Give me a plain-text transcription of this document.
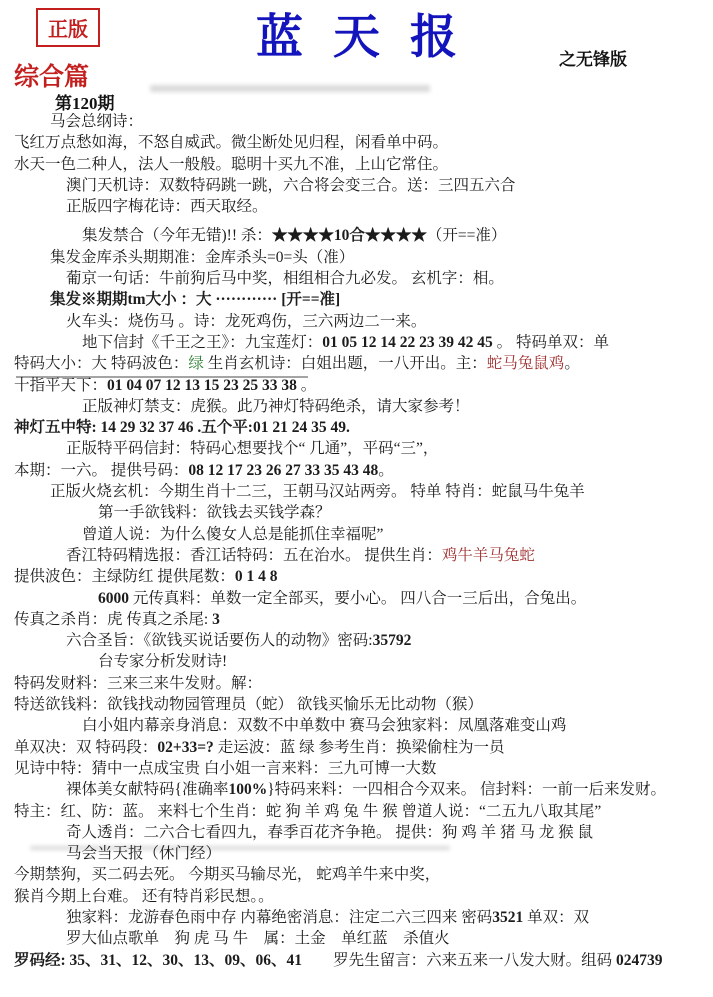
正版	蓝天报	之无锋版
综合篇
第120期
马会总纲诗：
飞红万点愁如海，不怒自威武。微尘断处见归程，闲看单中码。
水天一色二种人，法人一般般。聪明十买九不准，上山它常住。
澳门天机诗：双数特码跳一跳，六合将会变三合。送：三四五六合
正版四字梅花诗：西天取经。
集发禁合（今年无错)!! 杀：★★★★10合★★★★（开==准）
集发金库杀头期期准：金库杀头=0=头（准）
葡京一句话：牛前狗后马中奖，相组相合九必发。 玄机字：相。
集发※期期tm大小 ：大 ············ [开==准]
火车头：烧伤马 。诗：龙死鸡伤，三六两边二一来。
地下信封《千王之王》：九宝莲灯：01 05 12 14 22 23 39 42 45 。 特码单双：单
特码大小：大 特码波色：绿 生肖玄机诗：白姐出题，一八开出。主：蛇马兔鼠鸡。
十指平天下：01 04 07 12 13 15 23 25 33 38 。
正版神灯禁支：虎猴。此乃神灯特码绝杀，请大家参考！
神灯五中特: 14 29 32 37 46 .五个平:01 21 24 35 49.
正版特平码信封：特码心想要找个“ 几通”，平码“三”，
本期：一六。 提供号码：08 12 17 23 26 27 33 35 43 48。
正版火烧玄机：今期生肖十二三，王朝马汉站两旁。 特单 特肖：蛇鼠马牛兔羊
第一手欲钱料：欲钱去买钱学森？
曾道人说：为什么傻女人总是能抓住幸福呢”
香江特码精选报：香江话特码：五在治水。 提供生肖：鸡牛羊马兔蛇
提供波色：主绿防红 提供尾数：0 1 4 8
6000 元传真料：单数一定全部买，要小心。 四八合一三后出，合兔出。
传真之杀肖：虎 传真之杀尾: 3
六合圣旨：《欲钱买说话要伤人的动物》密码:35792
台专家分析发财诗!
特码发财料：三来三来牛发财。解：
特送欲钱料：欲钱找动物园管理员（蛇） 欲钱买愉乐无比动物（猴）
白小姐内幕亲身消息：双数不中单数中 赛马会独家料：凤凰落难变山鸡
单双决：双 特码段：02+33=? 走运波：蓝 绿 参考生肖：换梁偷柱为一员
见诗中特：猜中一点成宝贵 白小姐一言来料：三九可博一大数
裸体美女献特码{准确率100%}特码来料：一四相合今双来。 信封料：一前一后来发财。
特主：红、防：蓝。 来料七个生肖：蛇 狗 羊 鸡 兔 牛 猴 曾道人说：“二五九八取其尾”
奇人透肖：二六合七看四九，春季百花齐争艳。 提供：狗 鸡 羊 猪 马 龙 猴 鼠
马会当天报（休门经）
今期禁狗，买二码去死。 今期买马输尽光， 蛇鸡羊牛来中奖，
猴肖今期上台难。 还有特肖彩民想。。
独家料：龙游春色雨中存 内幕绝密消息：注定二六三四来 密码3521 单双：双
罗大仙点歌单　狗 虎 马 牛　属：土金　单红蓝　杀值火
罗码经: 35、31、12、30、13、09、06、41　　罗先生留言：六来五来一八发大财。组码 024739
